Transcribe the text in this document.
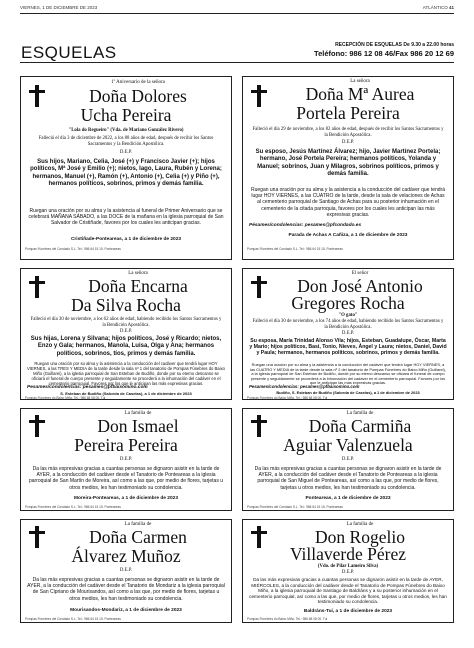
VIERNES, 1 DE DICIEMBRE DE 2023	ATLÁNTICO 41
ESQUELAS	RECEPCIÓN DE ESQUELAS De 9.30 a 22.00 horas
Teléfono: 986 12 08 46/Fax 986 20 12 69
1º Aniversario de la señora
Doña Dolores
Ucha Pereira
"Lola do Regueiro" (Vda. de Mariano González Rivero)
Falleció el día 3 de diciembre de 2022, a los 88 años de edad, después de recibir los Santos Sacramentos y la Bendición Apostólica.
D.E.P.
Sus hijos, Mariano, Celia, José (+) y Francisco Javier (+); hijos políticos, Mª José y Emilio (+); nietos, Iago, Laura, Rubén y Lorena; hermanos, Manuel (+), Ramón (+), Antonio (+), Celia (+) y Piño (+), hermanos políticos, sobrinos, primos y demás familia.
Ruegan una oración por su alma y la asistencia al funeral de Primer Aniversario que se celebrará MAÑANA SÁBADO, a las DOCE de la mañana en la iglesia parroquial de San Salvador de Cristiñade, favores por los cuales les anticipan gracias.
Cristiñade-Ponteareas, a 1 de diciembre de 2023
Pompas Fúnebres del Condado S.L. Tel.: 986 64 15 15. Ponteareas
La señora
Doña Mª Aurea
Portela Pereira
Falleció el día 29 de noviembre, a los 82 años de edad, después de recibir los Santos Sacramentos y la Bendición Apostólica.
D.E.P.
Su esposo, Jesús Martínez Álvarez; hijo, Javier Martínez Portela; hermano, José Portela Pereira; hermanos políticos, Yolanda y Manuel; sobrinos, Juan y Milagros, sobrinos políticos, primos y demás familia.
Ruegan una oración por su alma y la asistencia a la conducción del cadáver que tendrá lugar HOY VIERNES, a las CUATRO de la tarde, desde la sala de velaciones de Achas al cementerio parroquial de Santiago de Achas para su posterior inhumación en el cementerio de la citada parroquia, favores por los cuales les anticipan las más expresivas gracias.
Pésames/condolencias: pesames@pfcondado.es
Parada de Achas A Cañiza, a 1 de diciembre de 2023
Pompas Fúnebres del Condado S.L. Tel.: 986 64 15 15. Ponteareas
La señora
Doña Encarna
Da Silva Rocha
Falleció el día 30 de noviembre, a los 62 años de edad, habiendo recibido los Santos Sacramentos y la Bendición Apostólica.
D.E.P.
Sus hijas, Lorena y Silvana; hijos políticos, José y Ricardo; nietos, Enzo y Gala; hermanos, Manola, Luisa, Olga y Ana; hermanos políticos, sobrinos, tíos, primos y demás familia.
Ruegan una oración por su alma y la asistencia a la conducción del cadáver que tendrá lugar HOY VIERNES, a las TRES Y MEDIA de la tarde desde la sala nº 1 del tanatorio de Pompas Fúnebres do Baixo Miño (Guillarei), a la iglesia parroquial de San Esteban de Budiño, donde por su eterno descanso se oficiará el funeral de cuerpo presente y seguidamente se procederá a la inhumación del cadáver en el cementerio parroquial. Favores por los que le anticipan las más expresivas gracias.
Pesames/condolencias: pesames@pfbaixomino.com
S. Esteban de Budiño (Salceda de Caselas), a 1 de diciembre de 2023
Pompas Fúnebres do Baixo Miño. Tel.: 986 68 08 00. Tui
El señor
Don José Antonio
Gregores Rocha
"O gato"
Falleció el día 30 de noviembre, a los 74 años de edad, habiendo recibido los Santos Sacramentos y la Bendición Apostólica.
D.E.P.
Su esposa, María Trinidad Alonso Vila; hijos, Esteban, Guadalupe, Óscar, Marta y Mario; hijos políticos, Basi, Tonio, Nieves, Ángel y Laura; nietos, Daniel, David y Paula; hermanos, hermanos políticos, sobrinos, primos y demás familia.
Ruegan una oración por su alma y la asistencia a la conducción del cadáver que tendrá lugar HOY VIERNES, a las CUATRO Y MEDIA de la tarde desde la sala nº 2 del tanatorio de Pompas Fúnebres do Baixo Miño (Guillarei), a la iglesia parroquial de San Esteban de Budiño, donde por su eterno descanso se oficiará el funeral de cuerpo presente y seguidamente se procederá a la inhumación del cadáver en el cementerio parroquial. Favores por los que le anticipan las más expresivas gracias.
Pesames/condolencias: pesames@pfbaixomino.com
Budiño, S. Esteban de Budiño (Salceda de Caselas), a 1 de diciembre de 2023
Pompas Fúnebres do Baixo Miño. Tel.: 986 68 08 00. Tui
La familia de
Don Ismael
Pereira Pereira
D.E.P.
Da las más expresivas gracias a cuantas personas se dignaron asistir en la tarde de AYER, a la conducción del cadáver desde el Tanatorio de Ponteareas a la iglesia parroquial de San Martín de Moreira, así como a las que, por medio de flores, tarjetas u otros medios, les han testimoniado su condolencia.
Moreira-Ponteareas, a 1 de diciembre de 2023
Pompas Fúnebres del Condado S.L. Tel.: 986 64 15 15. Ponteareas
La familia de
Doña Carmiña
Aguiar Valenzuela
D.E.P.
Da las más expresivas gracias a cuantas personas se dignaron asistir en la tarde de AYER, a la conducción del cadáver desde el Tanatorio de Ponteareas a la iglesia parroquial de San Miguel de Ponteareas, así como a las que, por medio de flores, tarjetas u otros medios, les han testimoniado su condolencia.
Ponteareas, a 1 de diciembre de 2023
Pompas Fúnebres del Condado S.L. Tel.: 986 64 15 15. Ponteareas
La familia de
Doña Carmen
Álvarez Muñoz
D.E.P.
Da las más expresivas gracias a cuantas personas se dignaron asistir en la tarde de AYER, a la conducción del cadáver desde el Tanatorio de Mondariz a la iglesia parroquial de San Cipriano de Mourisandos, así como a las que, por medio de flores, tarjetas u otros medios, les han testimoniado su condolencia.
Mourisandos-Mondariz, a 1 de diciembre de 2023
Pompas Fúnebres del Condado S.L. Tel.: 986 64 15 15. Ponteareas
La familia de
Don Rogelio
Villaverde Pérez
(Vdo. de Pilar Lameiro Silva)
D.E.P.
Da las más expresivas gracias a cuantas personas se dignaron asistir en la tarde de AYER, MIÉRCOLES, a la conducción del cadáver desde el Tanatorio de Pompas Fúnebres do Baixo Miño, a la iglesia parroquial de Santiago de Baldráns y a su posterior inhumación en el cementerio parroquial, así como a las que, por medio de flores, tarjetas u otros medios, les han testimoniado su condolencia.
Baldráns-Tui, a 1 de diciembre de 2023
Pompas Fúnebres do Baixo Miño. Tel.: 986 68 08 00. Tui
